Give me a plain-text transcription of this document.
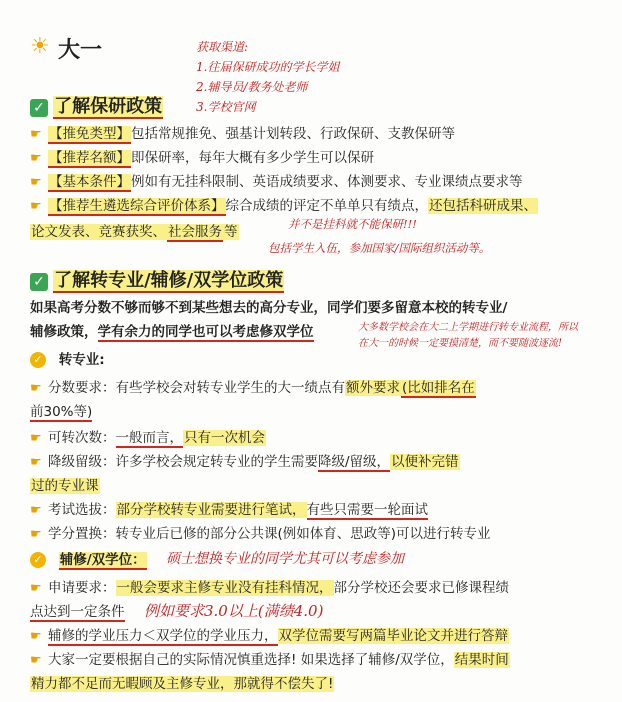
☀ 大一	获取渠道:
1.往届保研成功的学长学姐
2.辅导员/教务处老师
3.学校官网
✓ 了解保研政策
☛ 【推免类型】包括常规推免、强基计划转段、行政保研、支教保研等
☛ 【推荐名额】即保研率，每年大概有多少学生可以保研
☛ 【基本条件】例如有无挂科限制、英语成绩要求、体测要求、专业课绩点要求等
☛ 【推荐生遴选综合评价体系】综合成绩的评定不单单只有绩点，还包括科研成果、
并不是挂科就不能保研!!!
论文发表、竞赛获奖、 社会服务 等
包括学生入伍，参加国家/国际组织活动等。
✓ 了解转专业/辅修/双学位政策
如果高考分数不够而够不到某些想去的高分专业，同学们要多留意本校的转专业/
辅修政策，学有余力的同学也可以考虑修双学位	大多数学校会在大二上学期进行转专业流程，所以
在大一的时候一定要摸清楚，而不要随波逐流!
✓ 转专业:
☛ 分数要求：有些学校会对转专业学生的大一绩点有额外要求 (比如排名在
前30%等)
☛ 可转次数：一般而言，只有一次机会
☛ 降级留级：许多学校会规定转专业的学生需要降级/留级，以便补完错
过的专业课
☛ 考试选拔：部分学校转专业需要进行笔试，有些只需要一轮面试
☛ 学分置换：转专业后已修的部分公共课(例如体育、思政等)可以进行转专业
✓ 辅修/双学位： 硕士想换专业的同学尤其可以考虑参加
☛ 申请要求：一般会要求主修专业没有挂科情况，部分学校还会要求已修课程绩
点达到一定条件 例如要求3.0以上(满绩4.0)
☛ 辅修的学业压力＜双学位的学业压力，双学位需要写两篇毕业论文并进行答辩
☛ 大家一定要根据自己的实际情况慎重选择! 如果选择了辅修/双学位，结果时间
精力都不足而无暇顾及主修专业，那就得不偿失了!
